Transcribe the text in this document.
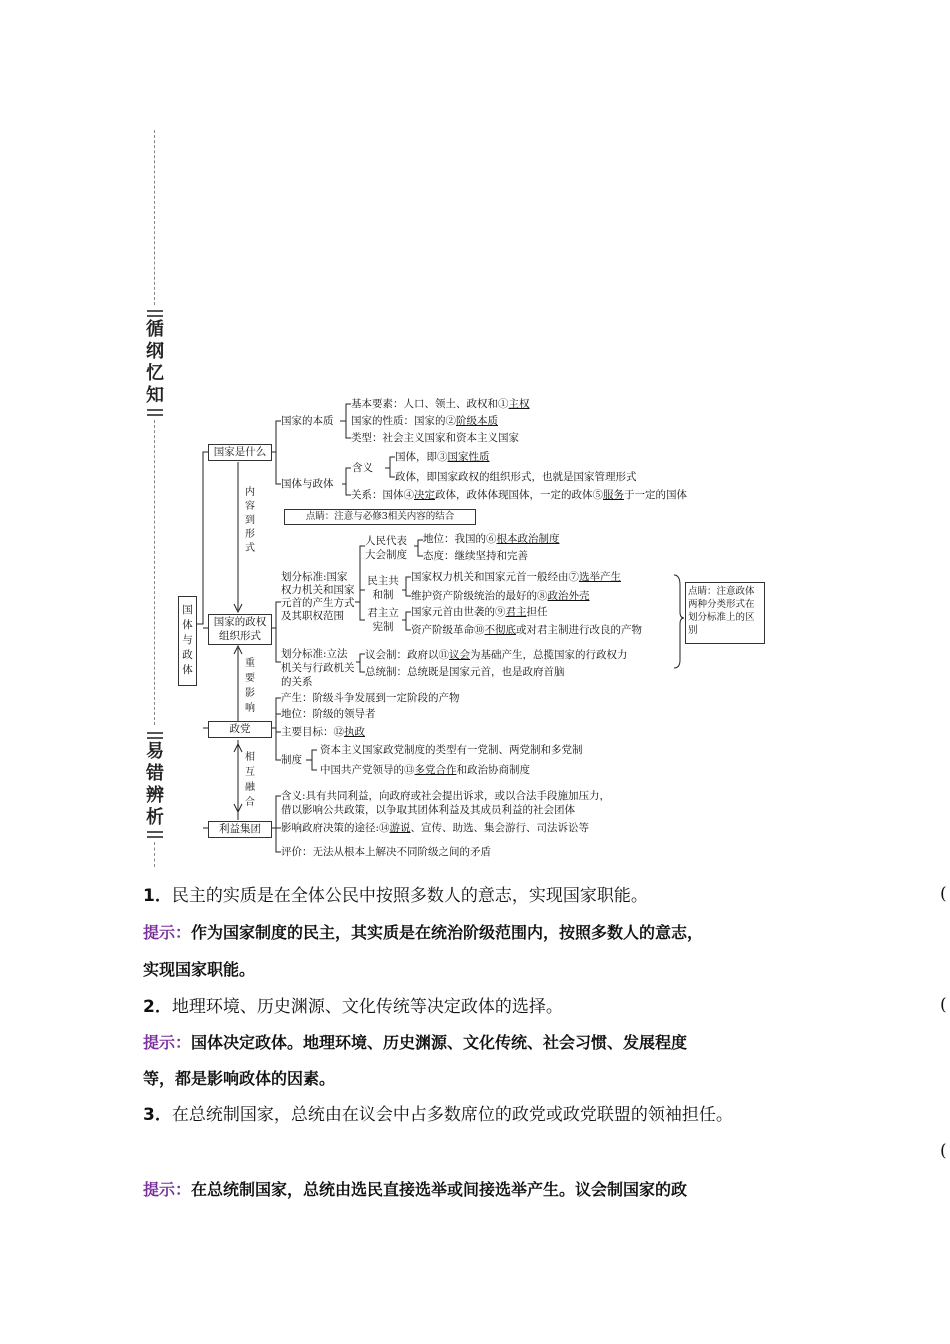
循纲忆知
易错辨析
国体与政体
国家是什么
国家的本质
基本要素：人口、领土、政权和①主权
国家的性质：国家的②阶级本质
类型：社会主义国家和资本主义国家
国体与政体
含义
国体，即③国家性质
政体，即国家政权的组织形式，也就是国家管理形式
关系：国体④决定政体，政体体现国体，一定的政体⑤服务于一定的国体
内容到形式
点睛：注意与必修3相关内容的结合
国家的政权组织形式
划分标准:国家权力机关和国家元首的产生方式及其职权范围
人民代表大会制度
地位：我国的⑥根本政治制度
态度：继续坚持和完善
民主共和制
国家权力机关和国家元首一般经由⑦选举产生
维护资产阶级统治的最好的⑧政治外壳
君主立宪制
国家元首由世袭的⑨君主担任
资产阶级革命⑩不彻底或对君主制进行改良的产物
点睛：注意政体两种分类形式在划分标准上的区别
划分标准:立法机关与行政机关的关系
议会制：政府以⑪议会为基础产生，总揽国家的行政权力
总统制：总统既是国家元首，也是政府首脑
重要影响
政党
产生：阶级斗争发展到一定阶段的产物
地位：阶级的领导者
主要目标：⑫执政
制度
资本主义国家政党制度的类型有一党制、两党制和多党制
中国共产党领导的⑬多党合作和政治协商制度
相互融合
利益集团
含义:具有共同利益，向政府或社会提出诉求，或以合法手段施加压力，
借以影响公共政策，以争取其团体利益及其成员利益的社会团体
影响政府决策的途径:⑭游说、宣传、助选、集会游行、司法诉讼等
评价：无法从根本上解决不同阶级之间的矛盾
1．民主的实质是在全体公民中按照多数人的意志，实现国家职能。	(
提示：作为国家制度的民主，其实质是在统治阶级范围内，按照多数人的意志，
实现国家职能。
2．地理环境、历史渊源、文化传统等决定政体的选择。	(
提示：国体决定政体。地理环境、历史渊源、文化传统、社会习惯、发展程度
等，都是影响政体的因素。
3．在总统制国家，总统由在议会中占多数席位的政党或政党联盟的领袖担任。
(
提示：在总统制国家，总统由选民直接选举或间接选举产生。议会制国家的政
